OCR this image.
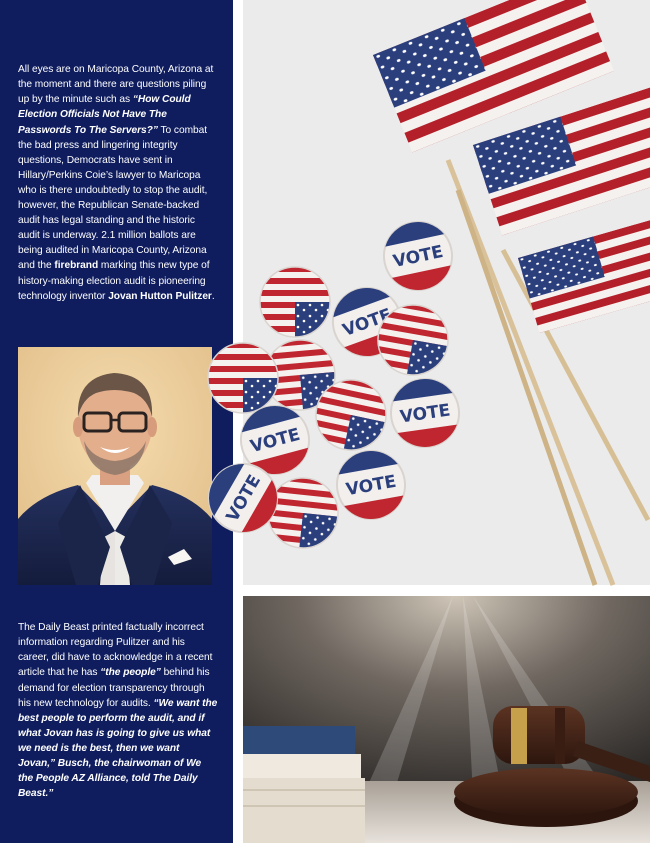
All eyes are on Maricopa County, Arizona at the moment and there are questions piling up by the minute such as “How Could Election Officials Not Have The Passwords To The Servers?” To combat the bad press and lingering integrity questions, Democrats have sent in Hillary/Perkins Coie’s lawyer to Maricopa who is there undoubtedly to stop the audit, however, the Republican Senate-backed audit has legal standing and the historic audit is underway. 2.1 million ballots are being audited in Maricopa County, Arizona and the firebrand marking this new type of history-making election audit is pioneering technology inventor Jovan Hutton Pulitzer.

The Daily Beast printed factually incorrect information regarding Pulitzer and his career, did have to acknowledge in a recent article that he has “the people” behind his demand for election transparency through his new technology for audits. “We want the best people to perform the audit, and if what Jovan has is going to give us what we need is the best, then we want Jovan,” Busch, the chairwoman of We the People AZ Alliance, told The Daily Beast.”
